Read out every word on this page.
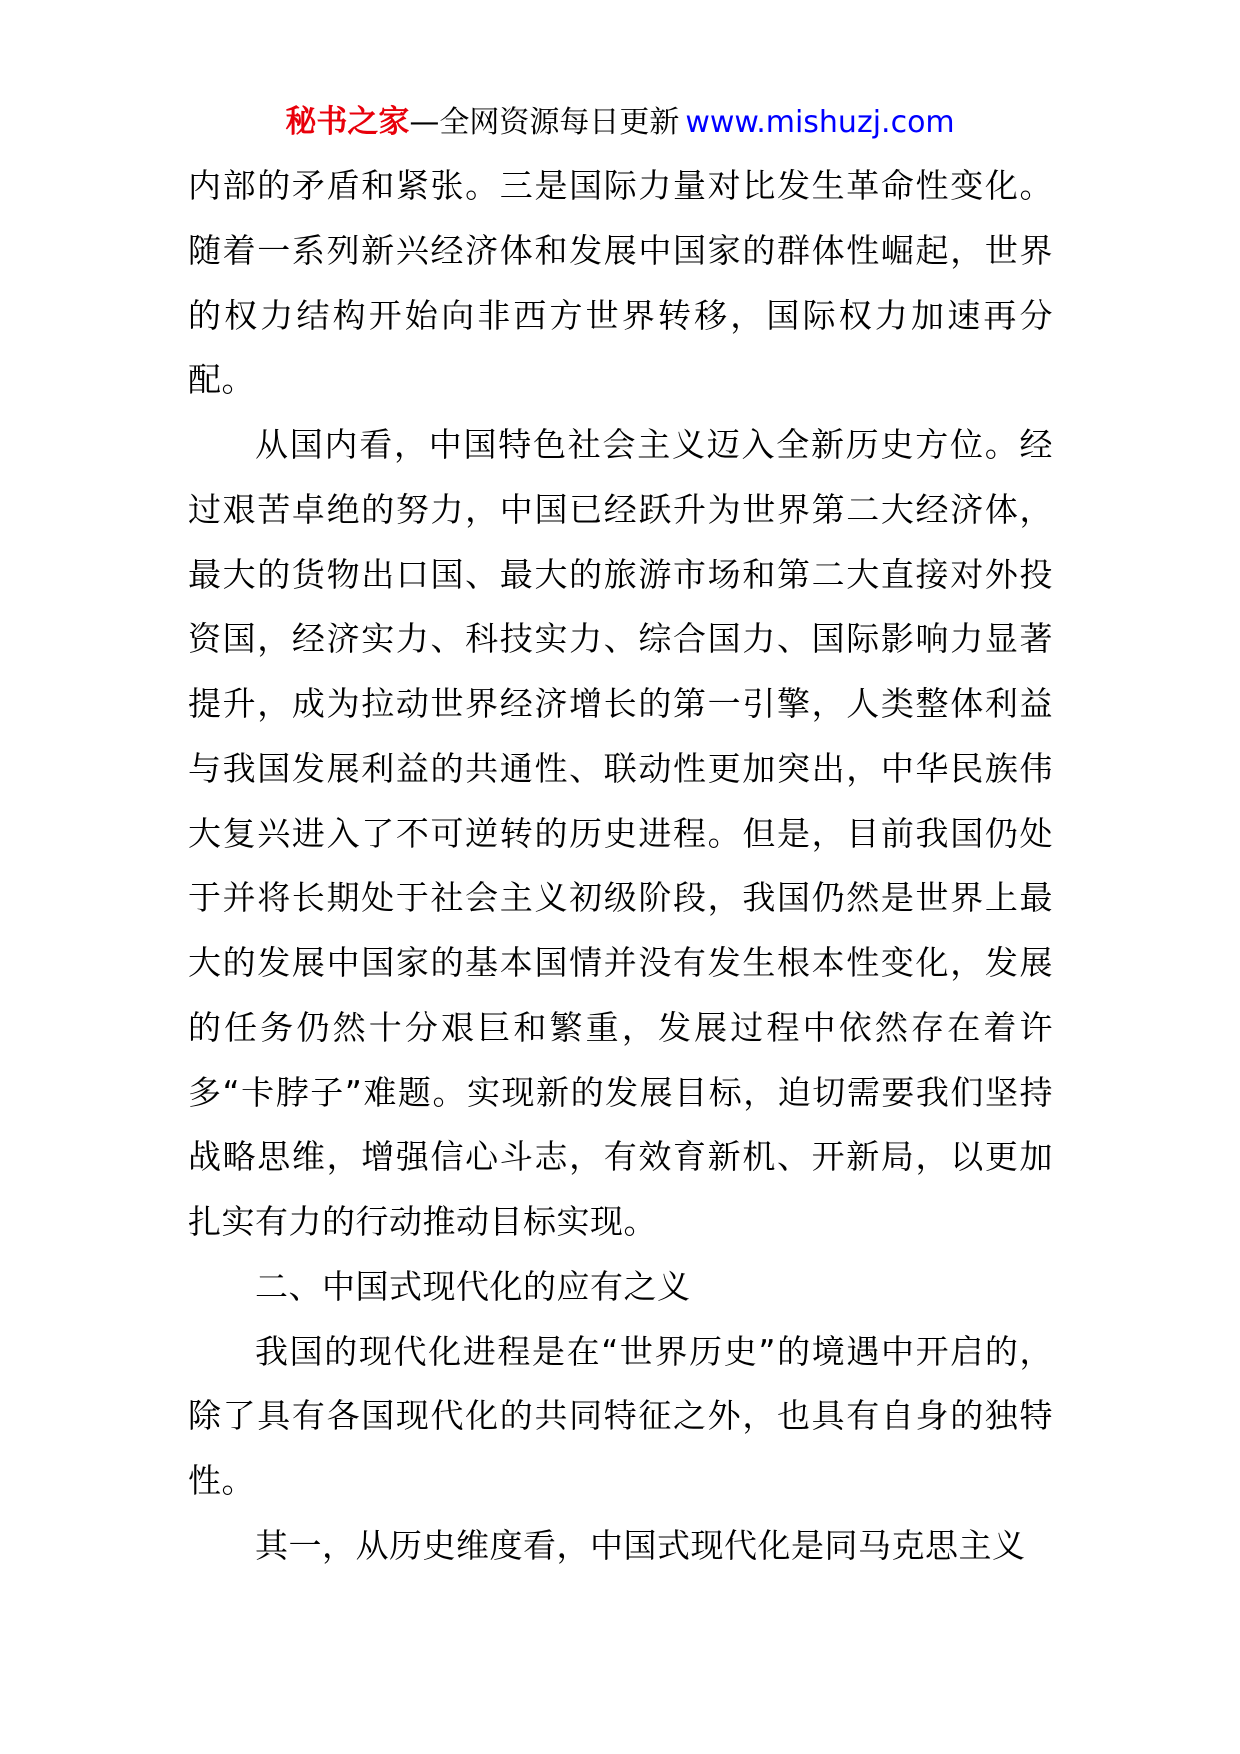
秘书之家—全网资源每日更新 www.mishuzj.com

内部的矛盾和紧张。三是国际力量对比发生革命性变化。随着一系列新兴经济体和发展中国家的群体性崛起，世界的权力结构开始向非西方世界转移，国际权力加速再分配。

从国内看，中国特色社会主义迈入全新历史方位。经过艰苦卓绝的努力，中国已经跃升为世界第二大经济体，最大的货物出口国、最大的旅游市场和第二大直接对外投资国，经济实力、科技实力、综合国力、国际影响力显著提升，成为拉动世界经济增长的第一引擎，人类整体利益与我国发展利益的共通性、联动性更加突出，中华民族伟大复兴进入了不可逆转的历史进程。但是，目前我国仍处于并将长期处于社会主义初级阶段，我国仍然是世界上最大的发展中国家的基本国情并没有发生根本性变化，发展的任务仍然十分艰巨和繁重，发展过程中依然存在着许多“卡脖子”难题。实现新的发展目标，迫切需要我们坚持战略思维，增强信心斗志，有效育新机、开新局，以更加扎实有力的行动推动目标实现。

二、中国式现代化的应有之义

我国的现代化进程是在“世界历史”的境遇中开启的，除了具有各国现代化的共同特征之外，也具有自身的独特性。

其一，从历史维度看，中国式现代化是同马克思主义
